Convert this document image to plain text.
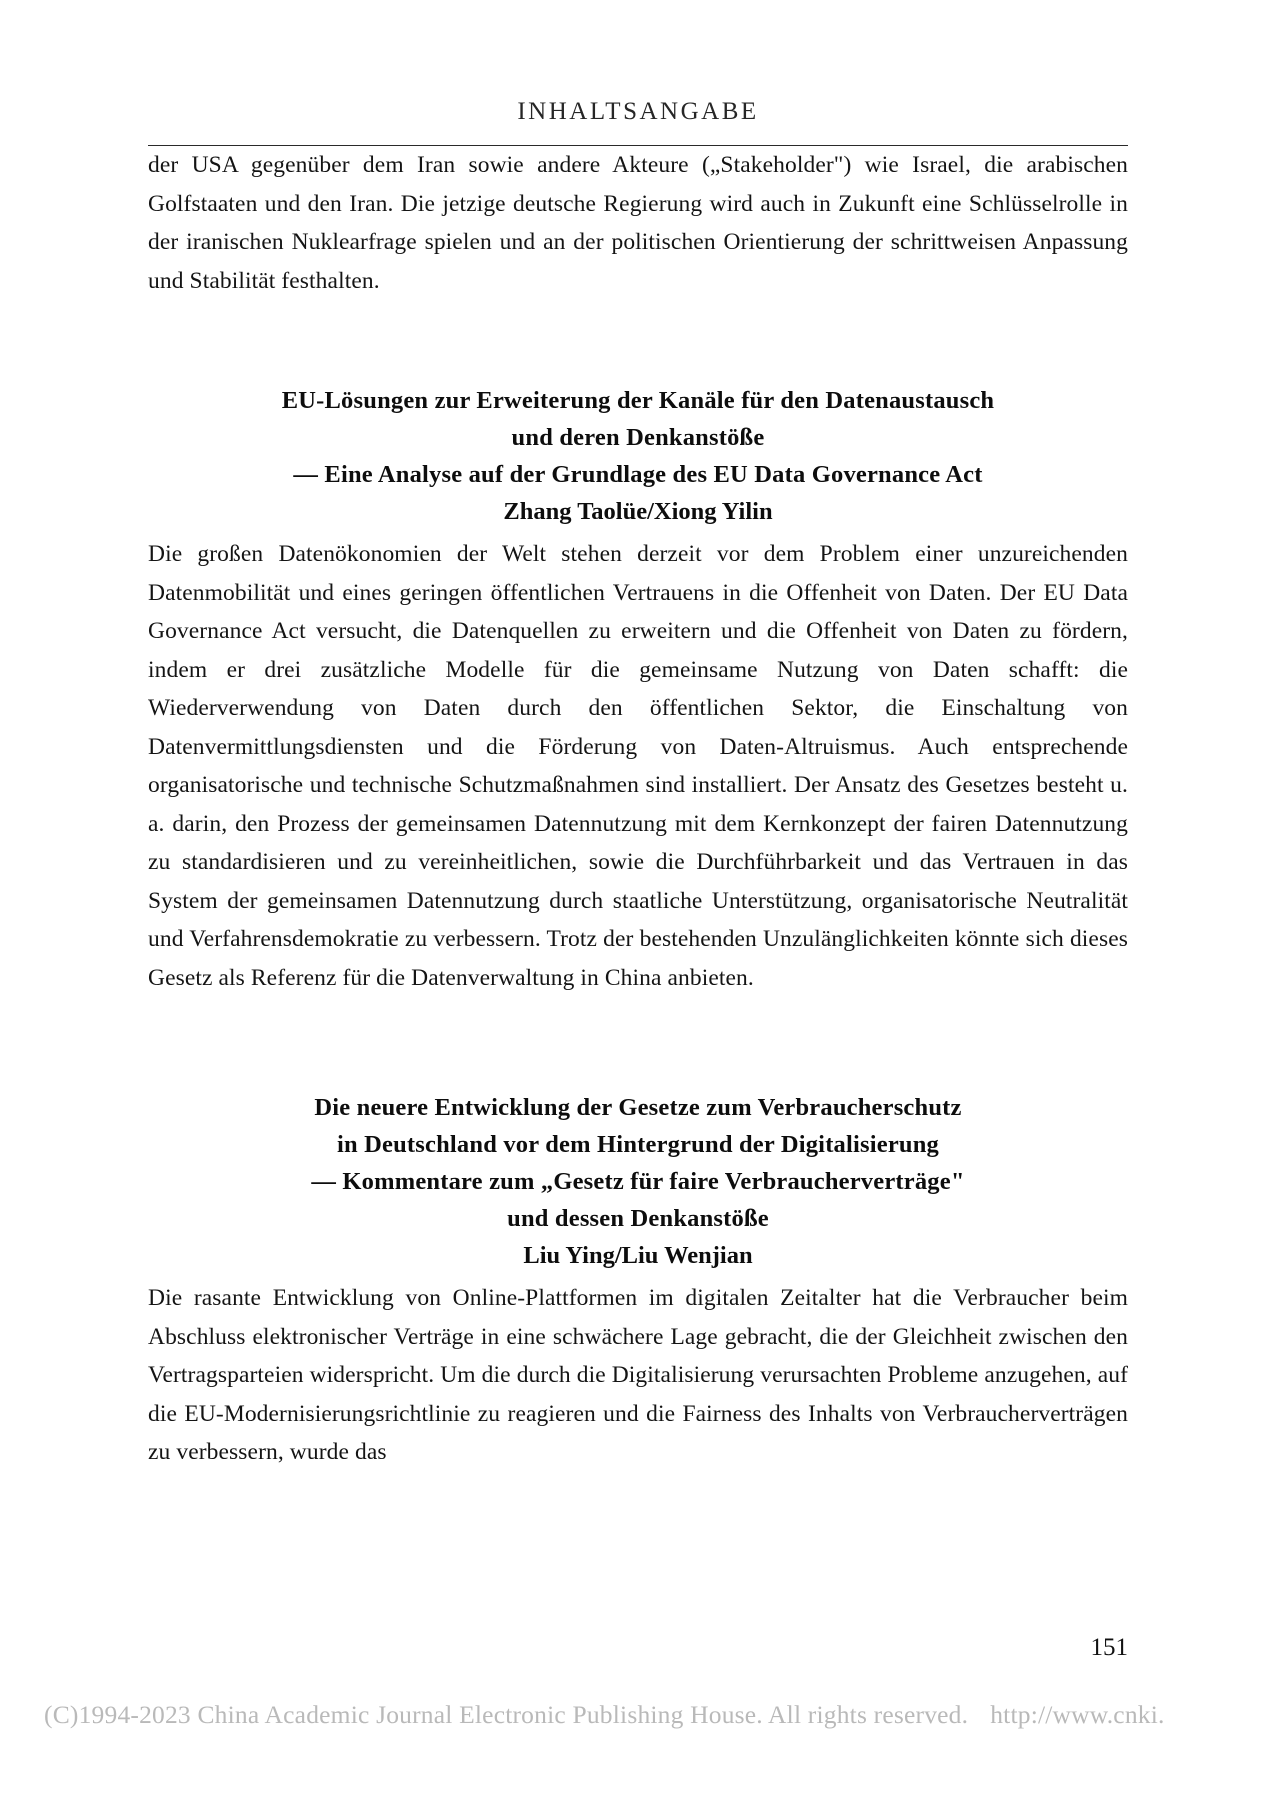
INHALTSANGABE

der USA gegenüber dem Iran sowie andere Akteure („Stakeholder") wie Israel, die arabischen Golfstaaten und den Iran. Die jetzige deutsche Regierung wird auch in Zukunft eine Schlüsselrolle in der iranischen Nuklearfrage spielen und an der politischen Orientierung der schrittweisen Anpassung und Stabilität festhalten.

EU-Lösungen zur Erweiterung der Kanäle für den Datenaustausch
und deren Denkanstöße
— Eine Analyse auf der Grundlage des EU Data Governance Act
Zhang Taolüe/Xiong Yilin

Die großen Datenökonomien der Welt stehen derzeit vor dem Problem einer unzureichenden Datenmobilität und eines geringen öffentlichen Vertrauens in die Offenheit von Daten. Der EU Data Governance Act versucht, die Datenquellen zu erweitern und die Offenheit von Daten zu fördern, indem er drei zusätzliche Modelle für die gemeinsame Nutzung von Daten schafft: die Wiederverwendung von Daten durch den öffentlichen Sektor, die Einschaltung von Datenvermittlungsdiensten und die Förderung von Daten-Altruismus. Auch entsprechende organisatorische und technische Schutzmaßnahmen sind installiert. Der Ansatz des Gesetzes besteht u. a. darin, den Prozess der gemeinsamen Datennutzung mit dem Kernkonzept der fairen Datennutzung zu standardisieren und zu vereinheitlichen, sowie die Durchführbarkeit und das Vertrauen in das System der gemeinsamen Datennutzung durch staatliche Unterstützung, organisatorische Neutralität und Verfahrensdemokratie zu verbessern. Trotz der bestehenden Unzulänglichkeiten könnte sich dieses Gesetz als Referenz für die Datenverwaltung in China anbieten.

Die neuere Entwicklung der Gesetze zum Verbraucherschutz
in Deutschland vor dem Hintergrund der Digitalisierung
— Kommentare zum „Gesetz für faire Verbraucherverträge"
und dessen Denkanstöße
Liu Ying/Liu Wenjian

Die rasante Entwicklung von Online-Plattformen im digitalen Zeitalter hat die Verbraucher beim Abschluss elektronischer Verträge in eine schwächere Lage gebracht, die der Gleichheit zwischen den Vertragsparteien widerspricht. Um die durch die Digitalisierung verursachten Probleme anzugehen, auf die EU-Modernisierungsrichtlinie zu reagieren und die Fairness des Inhalts von Verbraucherverträgen zu verbessern, wurde das

151
(C)1994-2023 China Academic Journal Electronic Publishing House. All rights reserved. http://www.cnki.
